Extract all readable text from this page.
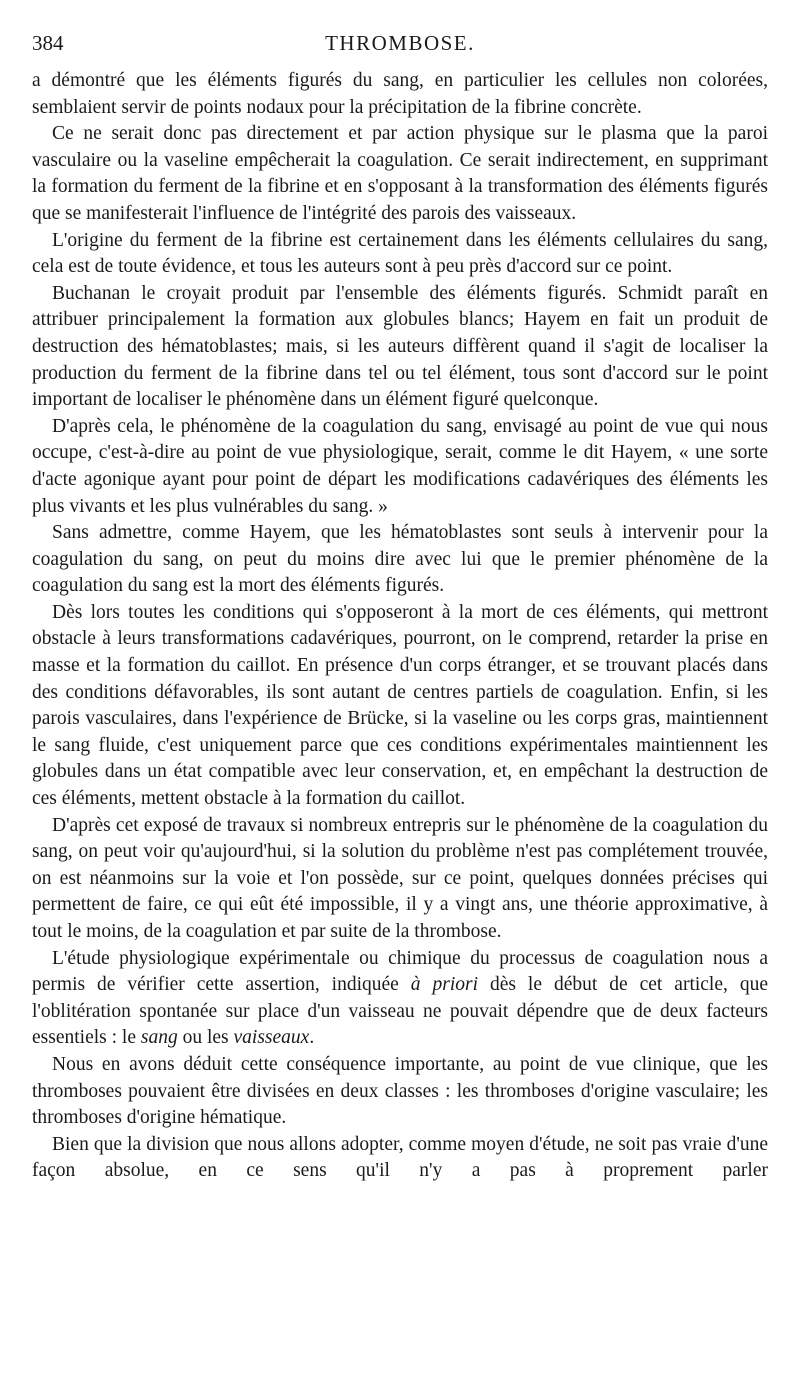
384	THROMBOSE.

a démontré que les éléments figurés du sang, en particulier les cellules non colorées, semblaient servir de points nodaux pour la précipitation de la fibrine concrète.

Ce ne serait donc pas directement et par action physique sur le plasma que la paroi vasculaire ou la vaseline empêcherait la coagulation. Ce serait indirectement, en supprimant la formation du ferment de la fibrine et en s'opposant à la transformation des éléments figurés que se manifesterait l'influence de l'intégrité des parois des vaisseaux.

L'origine du ferment de la fibrine est certainement dans les éléments cellulaires du sang, cela est de toute évidence, et tous les auteurs sont à peu près d'accord sur ce point.

Buchanan le croyait produit par l'ensemble des éléments figurés. Schmidt paraît en attribuer principalement la formation aux globules blancs; Hayem en fait un produit de destruction des hématoblastes; mais, si les auteurs diffèrent quand il s'agit de localiser la production du ferment de la fibrine dans tel ou tel élément, tous sont d'accord sur le point important de localiser le phénomène dans un élément figuré quelconque.

D'après cela, le phénomène de la coagulation du sang, envisagé au point de vue qui nous occupe, c'est-à-dire au point de vue physiologique, serait, comme le dit Hayem, « une sorte d'acte agonique ayant pour point de départ les modifications cadavériques des éléments les plus vivants et les plus vulnérables du sang. »

Sans admettre, comme Hayem, que les hématoblastes sont seuls à intervenir pour la coagulation du sang, on peut du moins dire avec lui que le premier phénomène de la coagulation du sang est la mort des éléments figurés.

Dès lors toutes les conditions qui s'opposeront à la mort de ces éléments, qui mettront obstacle à leurs transformations cadavériques, pourront, on le comprend, retarder la prise en masse et la formation du caillot. En présence d'un corps étranger, et se trouvant placés dans des conditions défavorables, ils sont autant de centres partiels de coagulation. Enfin, si les parois vasculaires, dans l'expérience de Brücke, si la vaseline ou les corps gras, maintiennent le sang fluide, c'est uniquement parce que ces conditions expérimentales maintiennent les globules dans un état compatible avec leur conservation, et, en empêchant la destruction de ces éléments, mettent obstacle à la formation du caillot.

D'après cet exposé de travaux si nombreux entrepris sur le phénomène de la coagulation du sang, on peut voir qu'aujourd'hui, si la solution du problème n'est pas complétement trouvée, on est néanmoins sur la voie et l'on possède, sur ce point, quelques données précises qui permettent de faire, ce qui eût été impossible, il y a vingt ans, une théorie approximative, à tout le moins, de la coagulation et par suite de la thrombose.

L'étude physiologique expérimentale ou chimique du processus de coagulation nous a permis de vérifier cette assertion, indiquée à priori dès le début de cet article, que l'oblitération spontanée sur place d'un vaisseau ne pouvait dépendre que de deux facteurs essentiels : le sang ou les vaisseaux.

Nous en avons déduit cette conséquence importante, au point de vue clinique, que les thromboses pouvaient être divisées en deux classes : les thromboses d'origine vasculaire; les thromboses d'origine hématique.

Bien que la division que nous allons adopter, comme moyen d'étude, ne soit pas vraie d'une façon absolue, en ce sens qu'il n'y a pas à proprement parler
